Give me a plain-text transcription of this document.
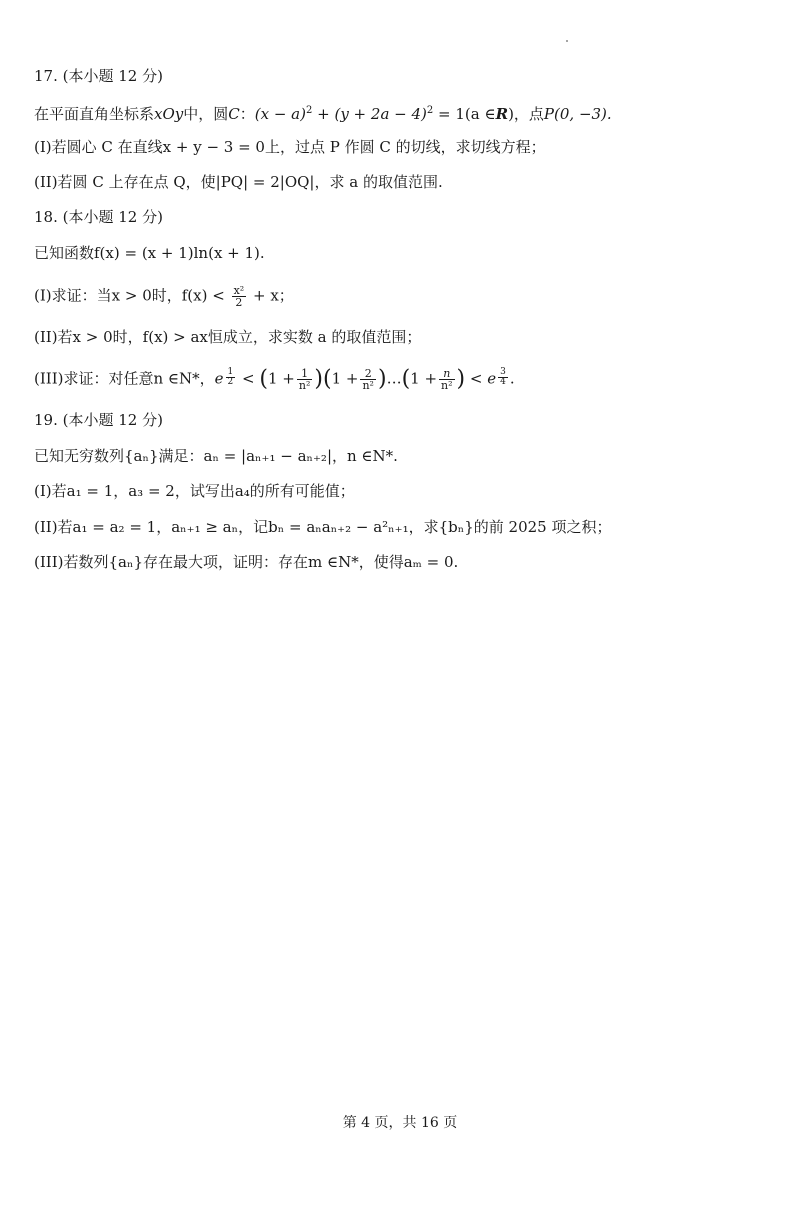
17. (本小题 12 分)
在平面直角坐标系xOy中，圆C：$(x - a)^2 + (y + 2a - 4)^2 = 1(a$ ∈R)，点P(0, −3).
(I)若圆心 C 在直线x + y − 3 = 0上，过点 P 作圆 C 的切线，求切线方程；
(II)若圆 C 上存在点 Q，使|PQ| = 2|OQ|，求 a 的取值范围.
18. (本小题 12 分)
已知函数f(x) = (x + 1)ln(x + 1).
(I)求证：当x > 0时，$f(x) < \frac{\text{x²}}{2} + x$；
(II)若x > 0时，f(x) > ax恒成立，求实数 a 的取值范围；
(III)求证：对任意n ∈N*，e $\frac{1}{2} < (1 + \frac{1}{\text{n²}} )(1 + \frac{2}{\text{n²}}$ )…(1 + $\frac{n}{\text{n²}}$ ) < e $\frac{3}{4}$ .
19. (本小题 12 分)
已知无穷数列{aₙ}满足：aₙ = |aₙ₊₁ − aₙ₊₂|，n ∈N*.
(I)若a₁ = 1，a₃ = 2，试写出a₄的所有可能值；
(II)若a₁ = a₂ = 1，aₙ₊₁ ≥ aₙ，记bₙ = aₙaₙ₊₂ − a²ₙ₊₁，求{bₙ}的前 2025 项之积；
(III)若数列{aₙ}存在最大项，证明：存在m ∈N*，使得aₘ = 0.
第 4 页，共 16 页
